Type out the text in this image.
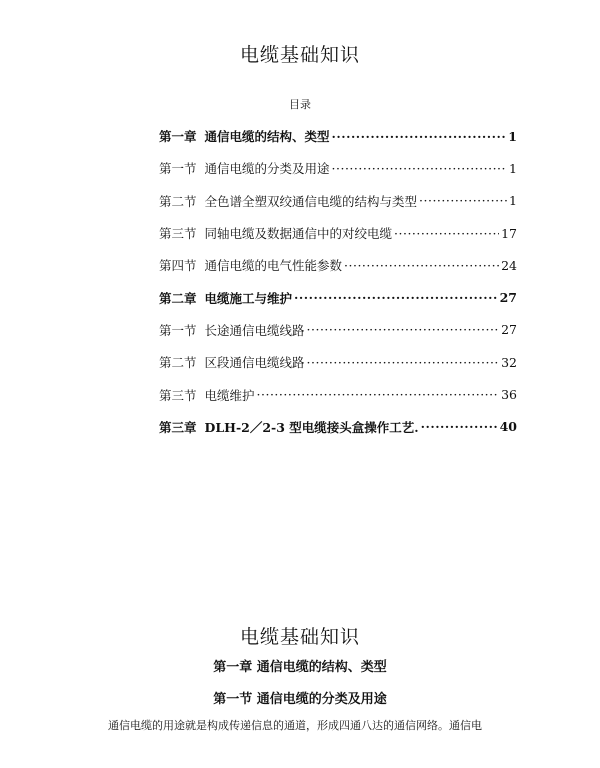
电缆基础知识
目录
第一章 通信电缆的结构、类型 ·····	1
第一节 通信电缆的分类及用途 ·····	1
第二节 全色谱全塑双绞通信电缆的结构与类型 ·····	1
第三节 同轴电缆及数据通信中的对绞电缆 ·····	17
第四节 通信电缆的电气性能参数 ·····	24
第二章 电缆施工与维护 ·····	27
第一节 长途通信电缆线路 ·····	27
第二节 区段通信电缆线路 ·····	32
第三节 电缆维护 ·····	36
第三章 DLH-2／2-3 型电缆接头盒操作工艺. ·····	40
电缆基础知识
第一章 通信电缆的结构、类型
第一节 通信电缆的分类及用途
通信电缆的用途就是构成传递信息的通道，形成四通八达的通信网络。通信电
